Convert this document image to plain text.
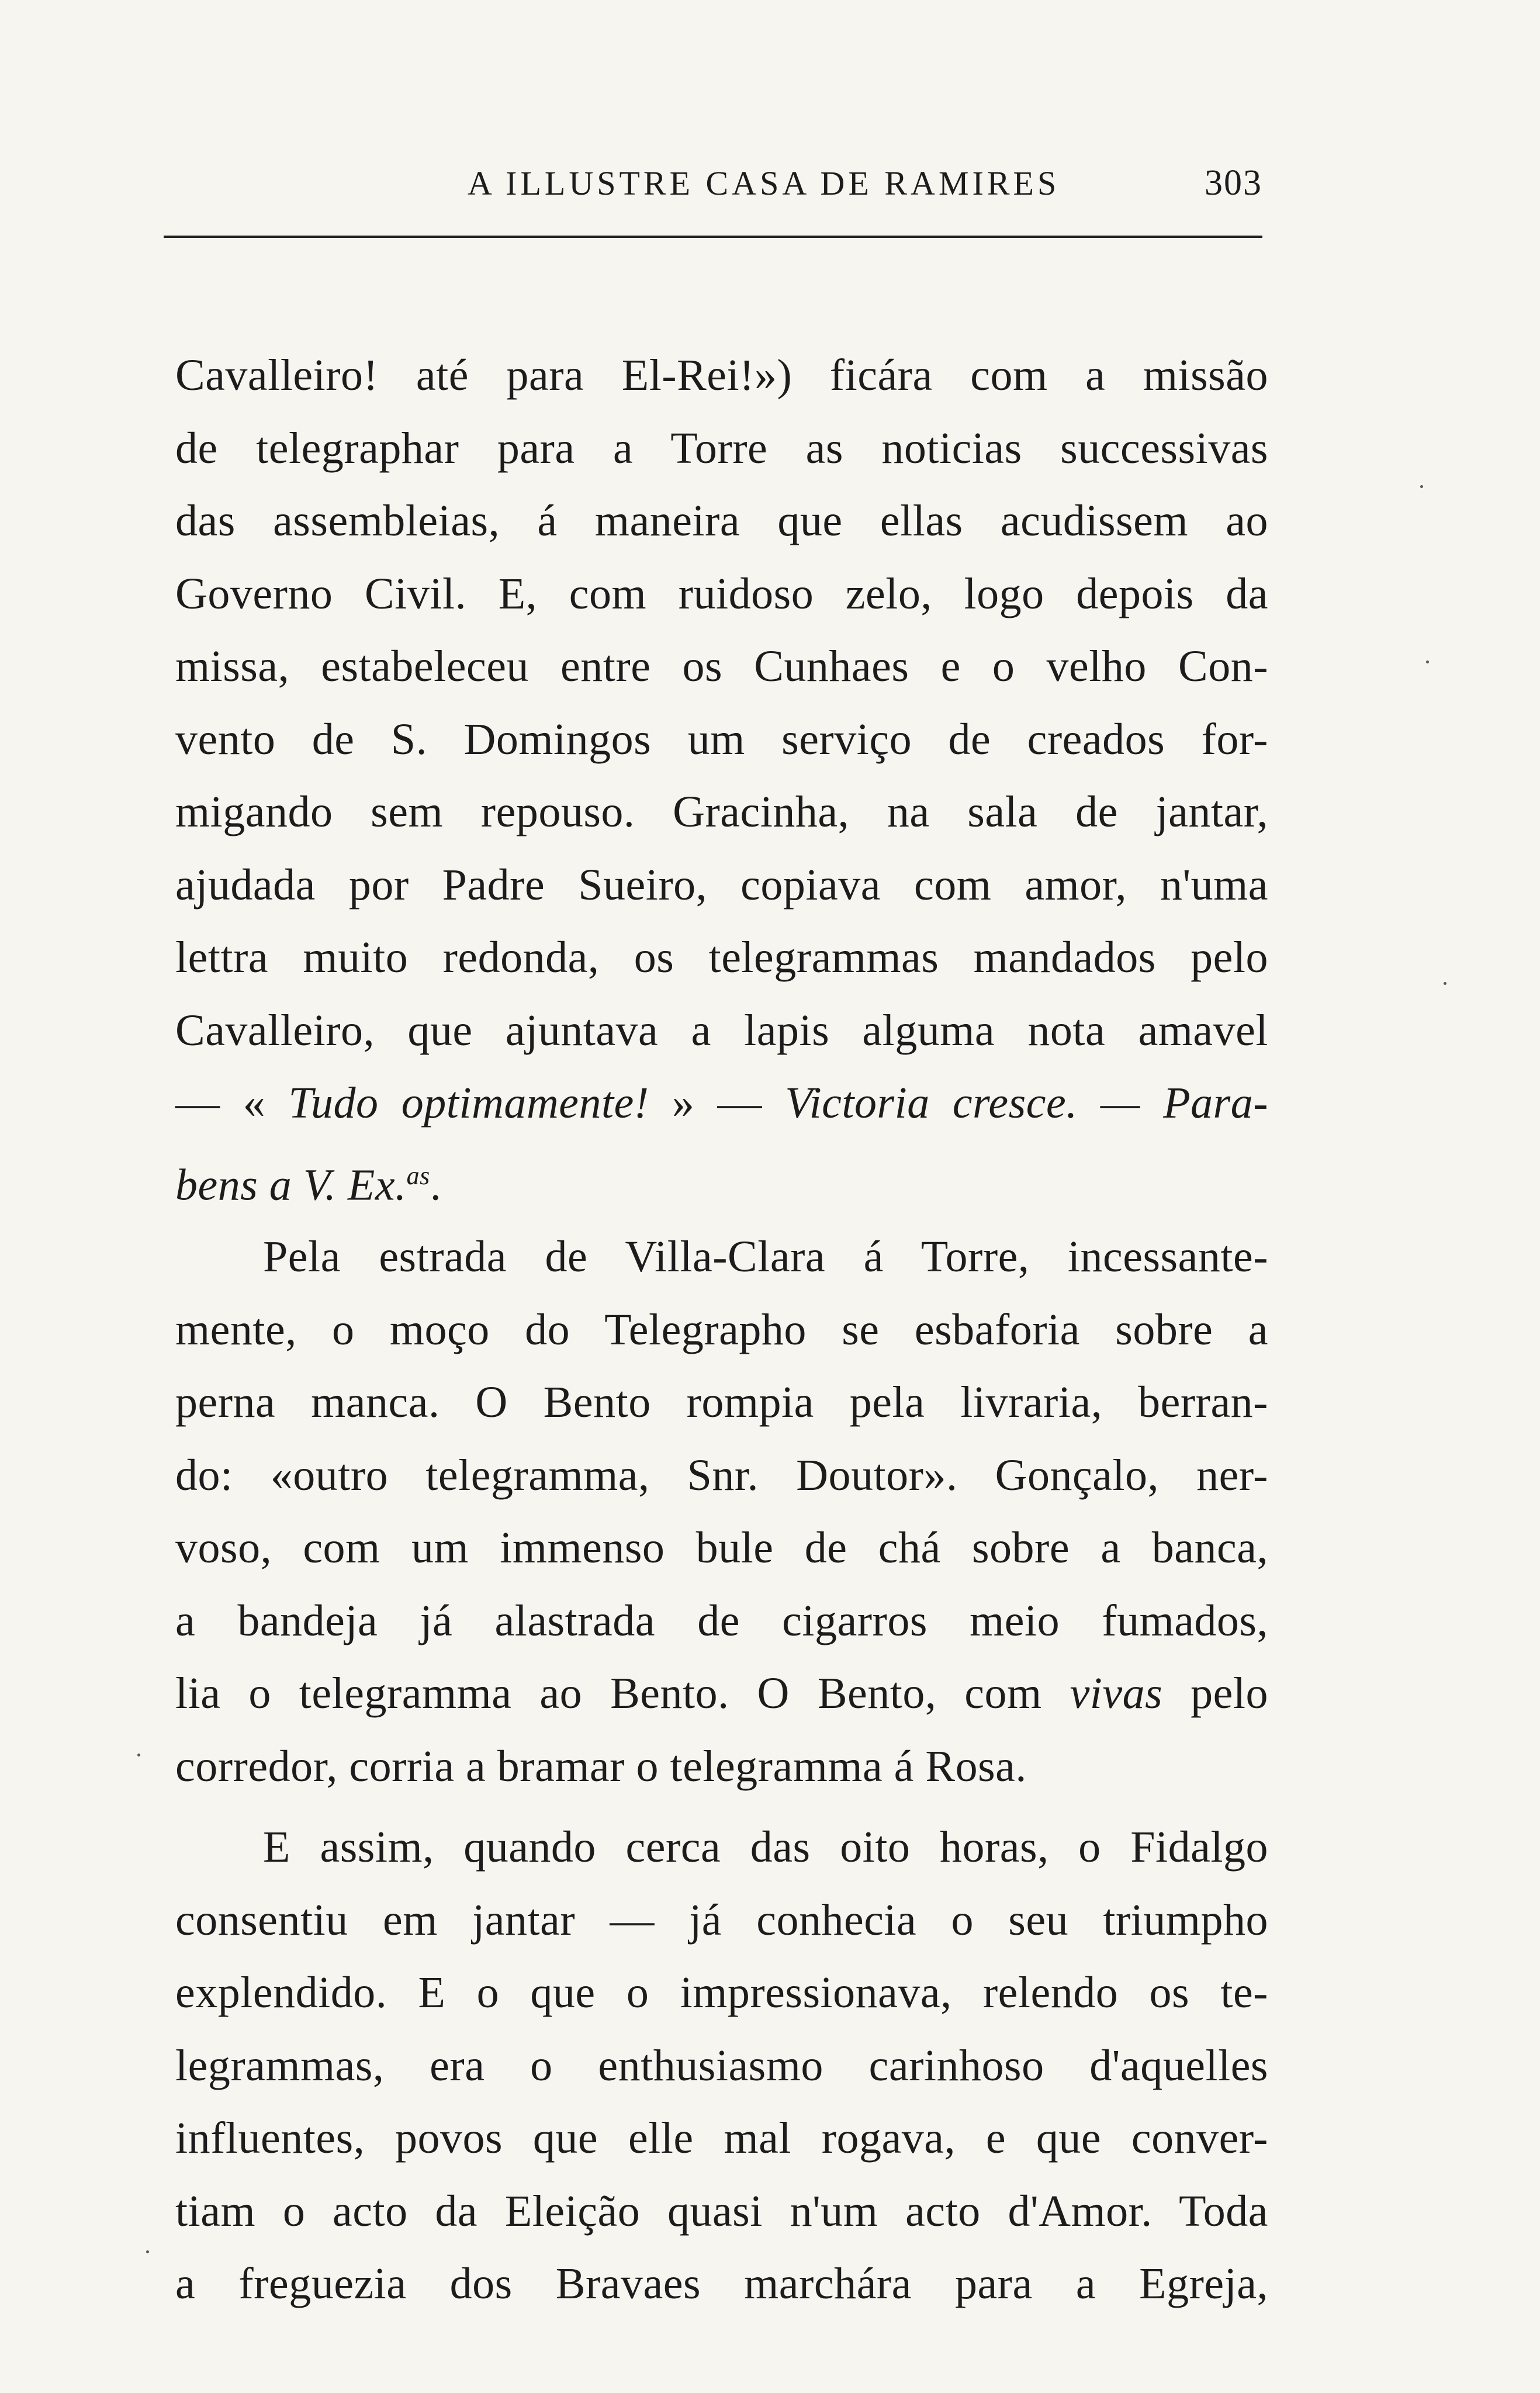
A ILLUSTRE CASA DE RAMIRES	303
Cavalleiro! até para El-Rei!») ficára com a missão
de telegraphar para a Torre as noticias successivas
das assembleias, á maneira que ellas acudissem ao
Governo Civil. E, com ruidoso zelo, logo depois da
missa, estabeleceu entre os Cunhaes e o velho Con-
vento de S. Domingos um serviço de creados for-
migando sem repouso. Gracinha, na sala de jantar,
ajudada por Padre Sueiro, copiava com amor, n'uma
lettra muito redonda, os telegrammas mandados pelo
Cavalleiro, que ajuntava a lapis alguma nota amavel
— « Tudo optimamente! » — Victoria cresce. — Para-
bens a V. Ex.$^{as}$.
Pela estrada de Villa-Clara á Torre, incessante-
mente, o moço do Telegrapho se esbaforia sobre a
perna manca. O Bento rompia pela livraria, berran-
do: «outro telegramma, Snr. Doutor». Gonçalo, ner-
voso, com um immenso bule de chá sobre a banca,
a bandeja já alastrada de cigarros meio fumados,
lia o telegramma ao Bento. O Bento, com vivas pelo
corredor, corria a bramar o telegramma á Rosa.
E assim, quando cerca das oito horas, o Fidalgo
consentiu em jantar — já conhecia o seu triumpho
explendido. E o que o impressionava, relendo os te-
legrammas, era o enthusiasmo carinhoso d'aquelles
influentes, povos que elle mal rogava, e que conver-
tiam o acto da Eleição quasi n'um acto d'Amor. Toda
a freguezia dos Bravaes marchára para a Egreja,
